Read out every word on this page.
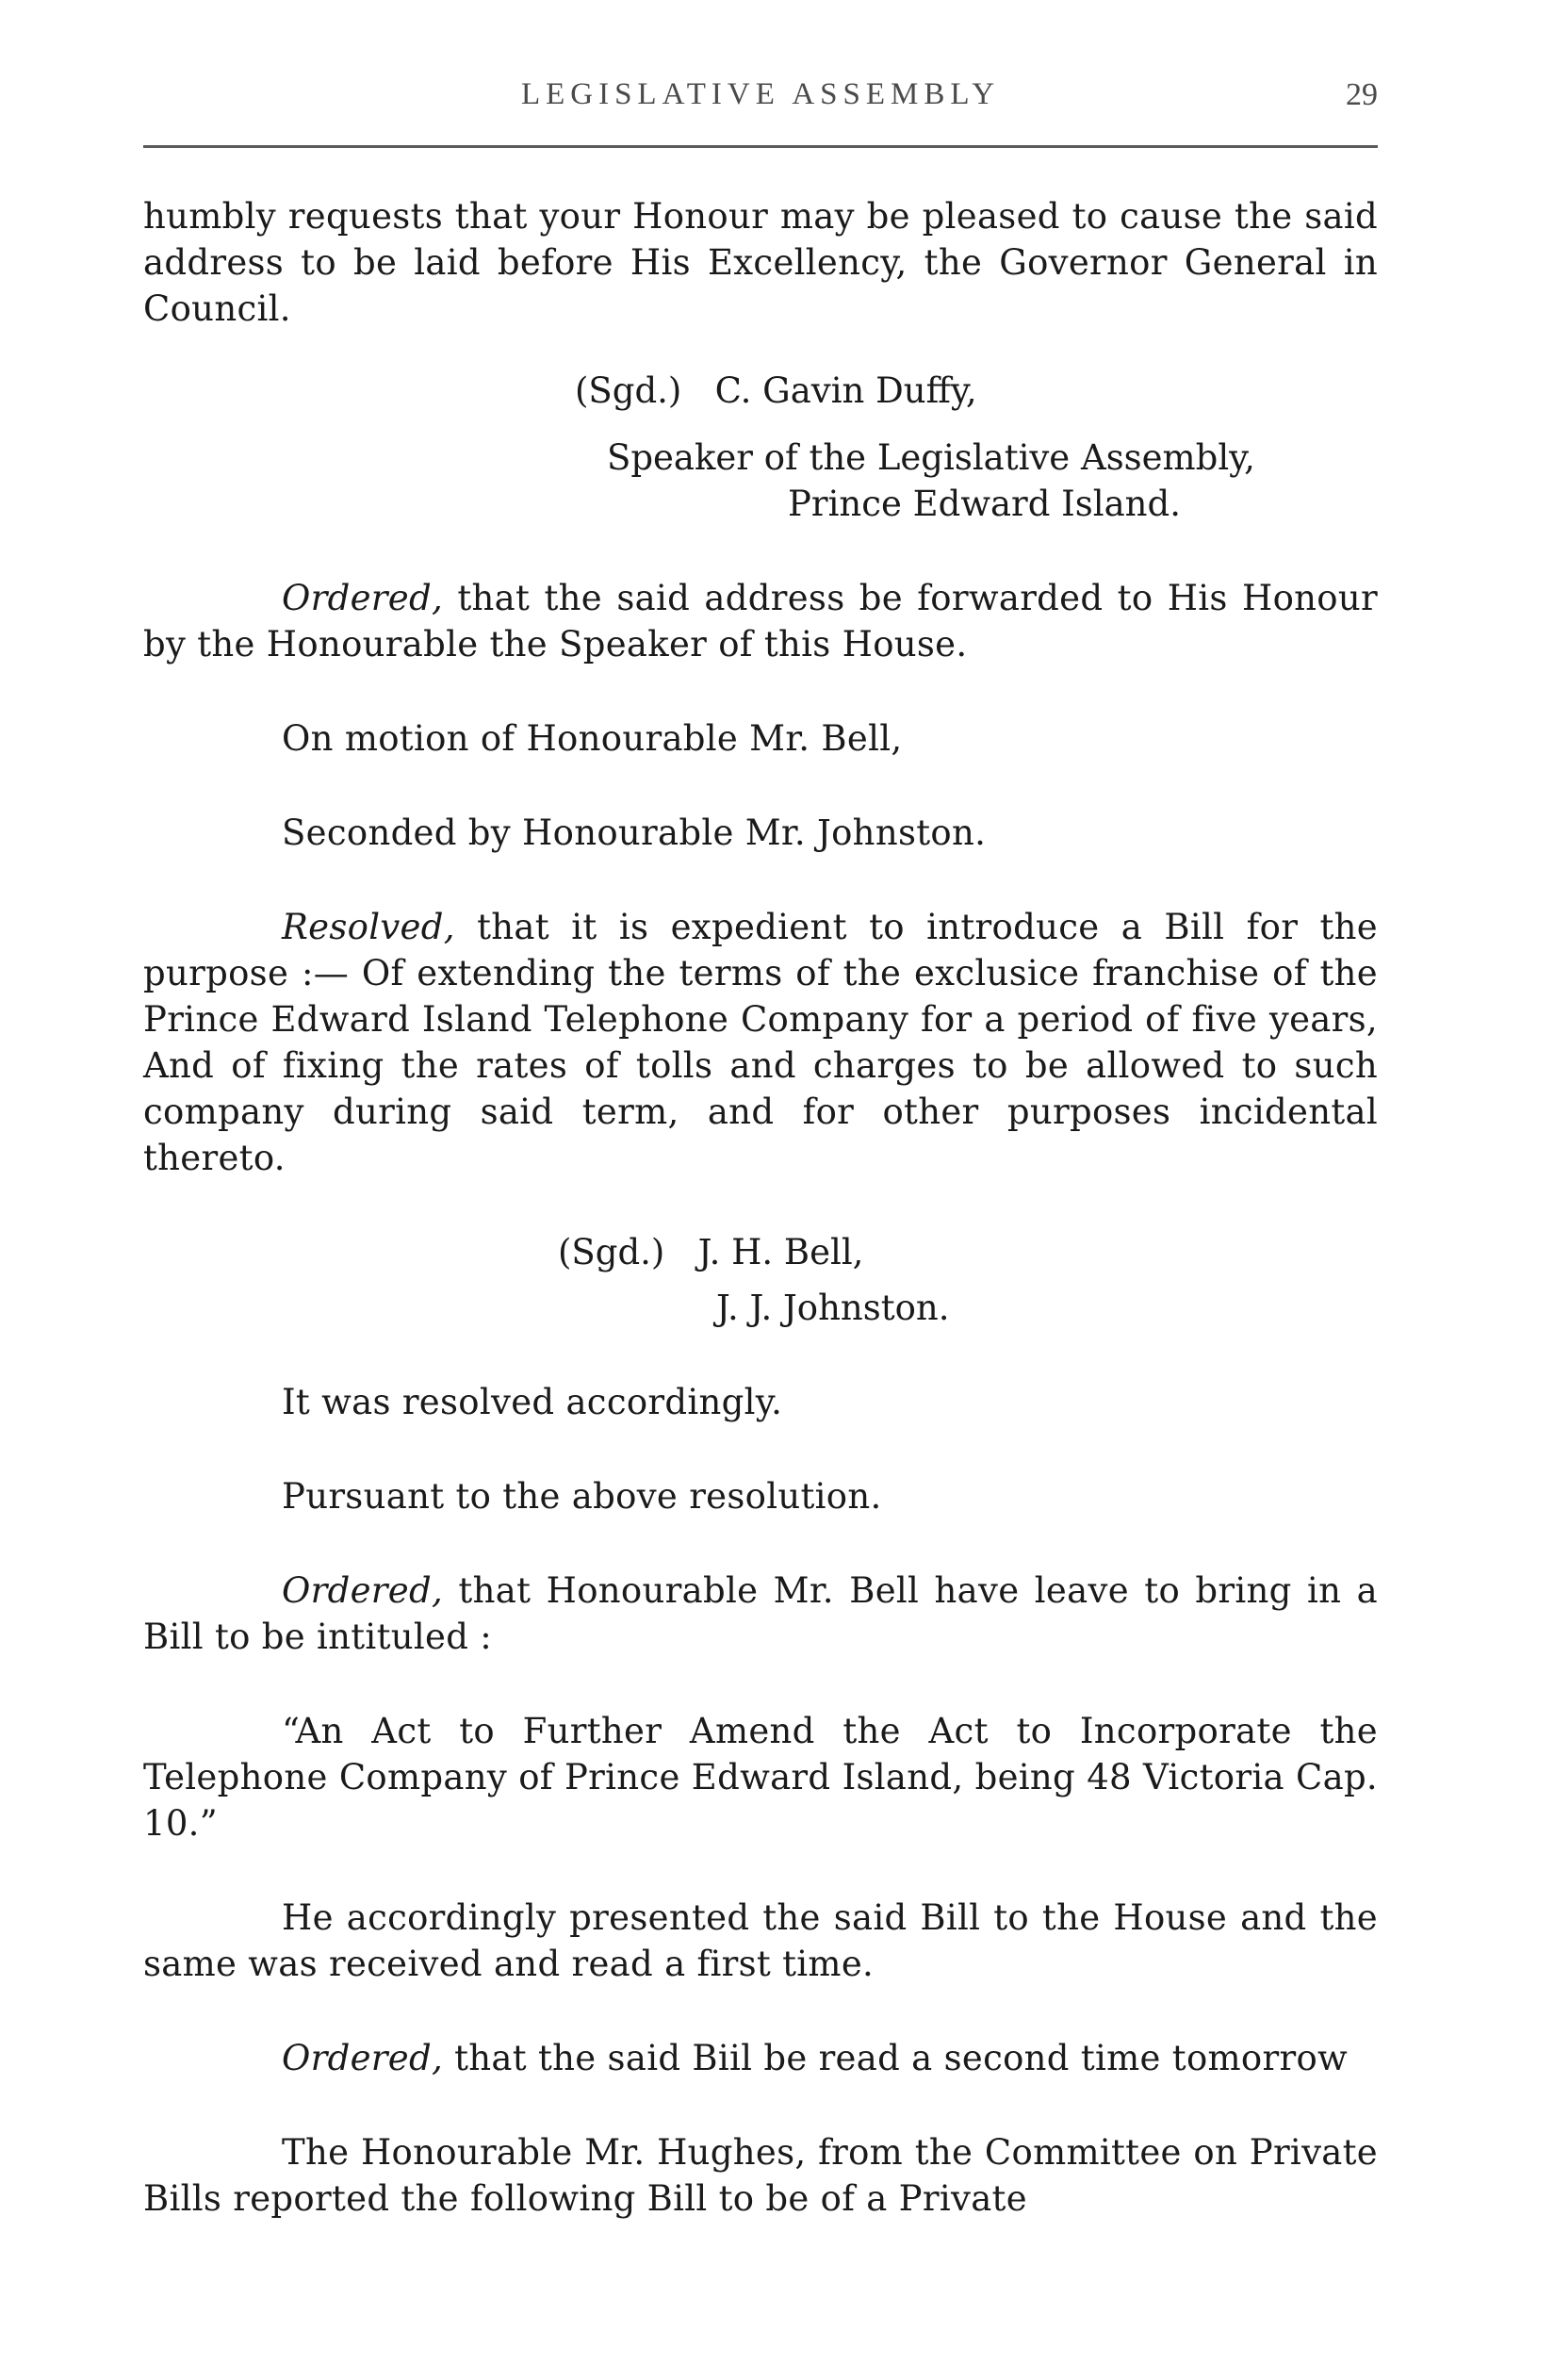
LEGISLATIVE ASSEMBLY	29

humbly requests that your Honour may be pleased to cause the said address to be laid before His Excellency, the Governor General in Council.

(Sgd.) C. Gavin Duffy,

Speaker of the Legislative Assembly,

Prince Edward Island.

Ordered, that the said address be forwarded to His Honour by the Honourable the Speaker of this House.

On motion of Honourable Mr. Bell,

Seconded by Honourable Mr. Johnston.

Resolved, that it is expedient to introduce a Bill for the purpose :— Of extending the terms of the exclusice franchise of the Prince Edward Island Telephone Company for a period of five years, And of fixing the rates of tolls and charges to be allowed to such company during said term, and for other purposes incidental thereto.

(Sgd.) J. H. Bell,

J. J. Johnston.

It was resolved accordingly.

Pursuant to the above resolution.

Ordered, that Honourable Mr. Bell have leave to bring in a Bill to be intituled :

“An Act to Further Amend the Act to Incorporate the Telephone Company of Prince Edward Island, being 48 Victoria Cap. 10.”

He accordingly presented the said Bill to the House and the same was received and read a first time.

Ordered, that the said Biil be read a second time tomorrow

The Honourable Mr. Hughes, from the Committee on Private Bills reported the following Bill to be of a Private
